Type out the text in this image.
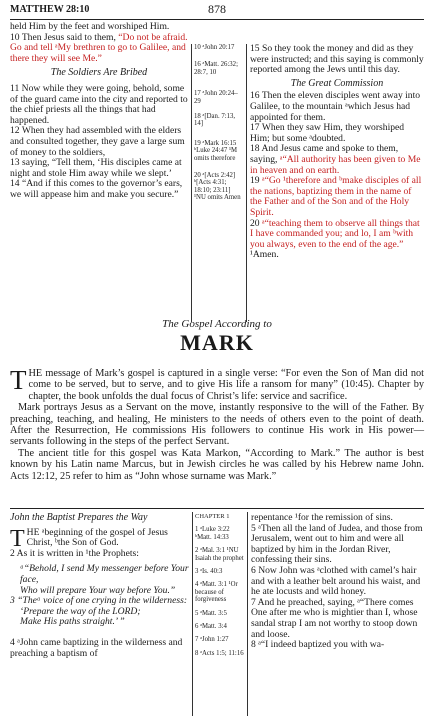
MATTHEW 28:10	878

held Him by the feet and worshiped Him.

10 Then Jesus said to them, “Do not be afraid. Go and tell ᵃMy brethren to go to Galilee, and there they will see Me.”

The Soldiers Are Bribed

11 Now while they were going, behold, some of the guard came into the city and reported to the chief priests all the things that had happened.

12 When they had assembled with the elders and consulted together, they gave a large sum of money to the soldiers,

13 saying, “Tell them, ‘His disciples came at night and stole Him away while we slept.’

14 “And if this comes to the governor’s ears, we will appease him and make you secure.”

10 ᵃJohn 20:17

16 ᵃMatt. 26:32; 28:7, 10

17 ᵃJohn 20:24–29

18 ᵃ[Dan. 7:13, 14]

19 ᵃMark 16:15 ᵇLuke 24:47 ¹M omits therefore

20 ᵃ[Acts 2:42] ᵇ[Acts 4:31; 18:10; 23:11] ¹NU omits Amen

15 So they took the money and did as they were instructed; and this saying is commonly reported among the Jews until this day.

The Great Commission

16 Then the eleven disciples went away into Galilee, to the mountain ᵃwhich Jesus had appointed for them.

17 When they saw Him, they worshiped Him; but some ᵃdoubted.

18 And Jesus came and spoke to them, saying, ᵃ“All authority has been given to Me in heaven and on earth.

19 ᵃ“Go ¹therefore and ᵇmake disciples of all the nations, baptizing them in the name of the Father and of the Son and of the Holy Spirit.

20 ᵃ“teaching them to observe all things that I have commanded you; and lo, I am ᵇwith you always, even to the end of the age.” ¹Amen.

The Gospel According to
MARK

THE message of Mark’s gospel is captured in a single verse: “For even the Son of Man did not come to be served, but to serve, and to give His life a ransom for many” (10:45). Chapter by chapter, the book unfolds the dual focus of Christ’s life: service and sacrifice.

Mark portrays Jesus as a Servant on the move, instantly responsive to the will of the Father. By preaching, teaching, and healing, He ministers to the needs of others even to the point of death. After the Resurrection, He commissions His followers to continue His work in His power— servants following in the steps of the perfect Servant.

The ancient title for this gospel was Kata Markon, “According to Mark.” The author is best known by his Latin name Marcus, but in Jewish circles he was called by his Hebrew name John. Acts 12:12, 25 refer to him as “John whose surname was Mark.”

John the Baptist Prepares the Way

THE ᵃbeginning of the gospel of Jesus Christ, ᵇthe Son of God.

2 As it is written in ¹the Prophets:

ᵃ“Behold, I send My messenger before Your face,

Who will prepare Your way before You.”

3 “Theᵃ voice of one crying in the wilderness:

‘Prepare the way of the LORD;

Make His paths straight.’ ”

4 ᵃJohn came baptizing in the wilderness and preaching a baptism of

CHAPTER 1

1 ᵃLuke 3:22 ᵇMatt. 14:33

2 ᵃMal. 3:1 ¹NU Isaiah the prophet

3 ᵃIs. 40:3

4 ᵃMatt. 3:1 ¹Or because of forgiveness

5 ᵃMatt. 3:5

6 ᵃMatt. 3:4

7 ᵃJohn 1:27

8 ᵃActs 1:5; 11:16

repentance ¹for the remission of sins.

5 ᵃThen all the land of Judea, and those from Jerusalem, went out to him and were all baptized by him in the Jordan River, confessing their sins.

6 Now John was ᵃclothed with camel’s hair and with a leather belt around his waist, and he ate locusts and wild honey.

7 And he preached, saying, ᵃ“There comes One after me who is mightier than I, whose sandal strap I am not worthy to stoop down and loose.

8 ᵃ“I indeed baptized you with wa-
